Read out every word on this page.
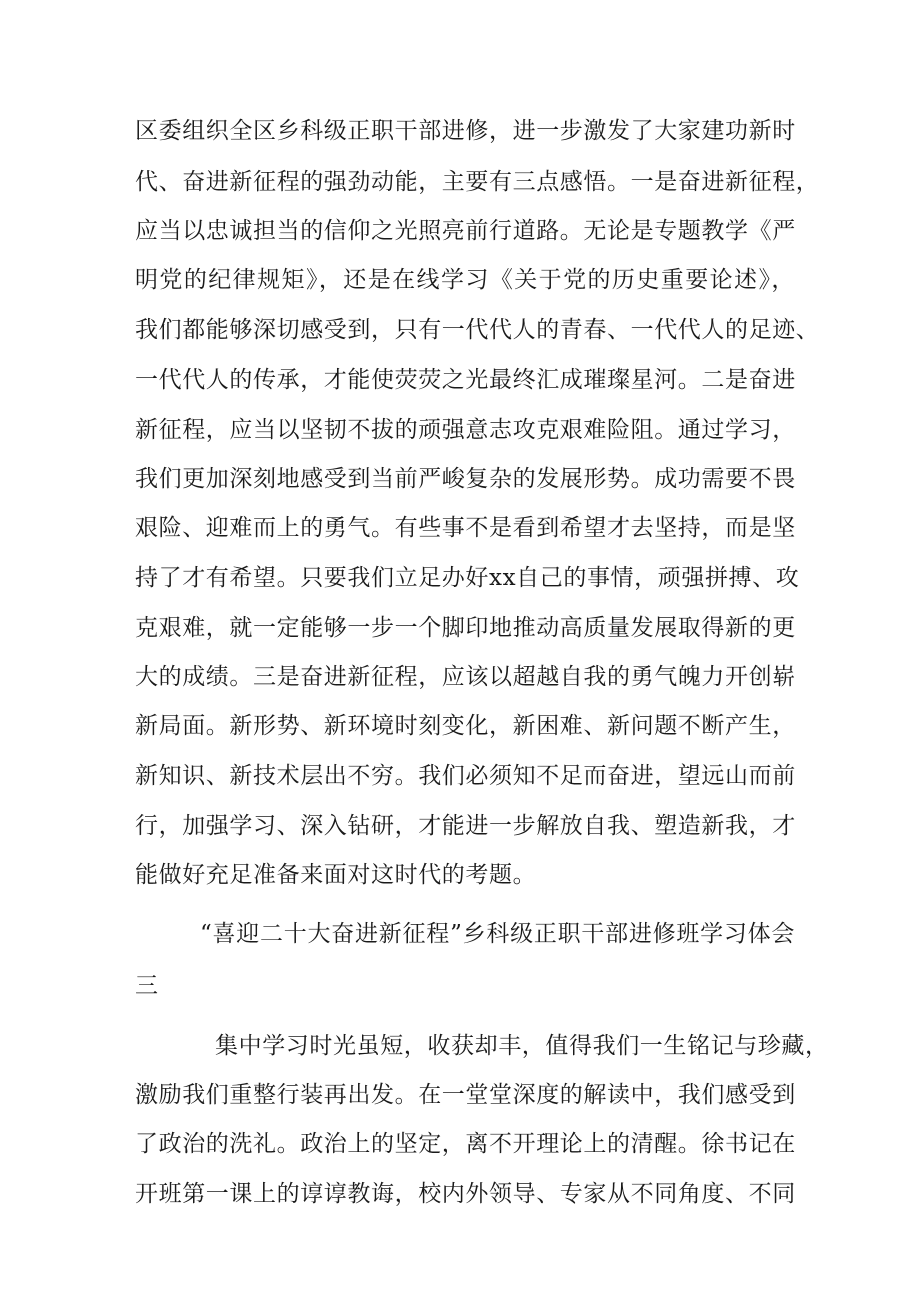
区委组织全区乡科级正职干部进修，进一步激发了大家建功新时
代、奋进新征程的强劲动能，主要有三点感悟。一是奋进新征程，
应当以忠诚担当的信仰之光照亮前行道路。无论是专题教学《严
明党的纪律规矩》，还是在线学习《关于党的历史重要论述》，
我们都能够深切感受到，只有一代代人的青春、一代代人的足迹、
一代代人的传承，才能使荧荧之光最终汇成璀璨星河。二是奋进
新征程，应当以坚韧不拔的顽强意志攻克艰难险阻。通过学习，
我们更加深刻地感受到当前严峻复杂的发展形势。成功需要不畏
艰险、迎难而上的勇气。有些事不是看到希望才去坚持，而是坚
持了才有希望。只要我们立足办好xx自己的事情，顽强拼搏、攻
克艰难，就一定能够一步一个脚印地推动高质量发展取得新的更
大的成绩。三是奋进新征程，应该以超越自我的勇气魄力开创崭
新局面。新形势、新环境时刻变化，新困难、新问题不断产生，
新知识、新技术层出不穷。我们必须知不足而奋进，望远山而前
行，加强学习、深入钻研，才能进一步解放自我、塑造新我，才
能做好充足准备来面对这时代的考题。
“喜迎二十大奋进新征程”乡科级正职干部进修班学习体会
三
集中学习时光虽短，收获却丰，值得我们一生铭记与珍藏，
激励我们重整行装再出发。在一堂堂深度的解读中，我们感受到
了政治的洗礼。政治上的坚定，离不开理论上的清醒。徐书记在
开班第一课上的谆谆教诲，校内外领导、专家从不同角度、不同
